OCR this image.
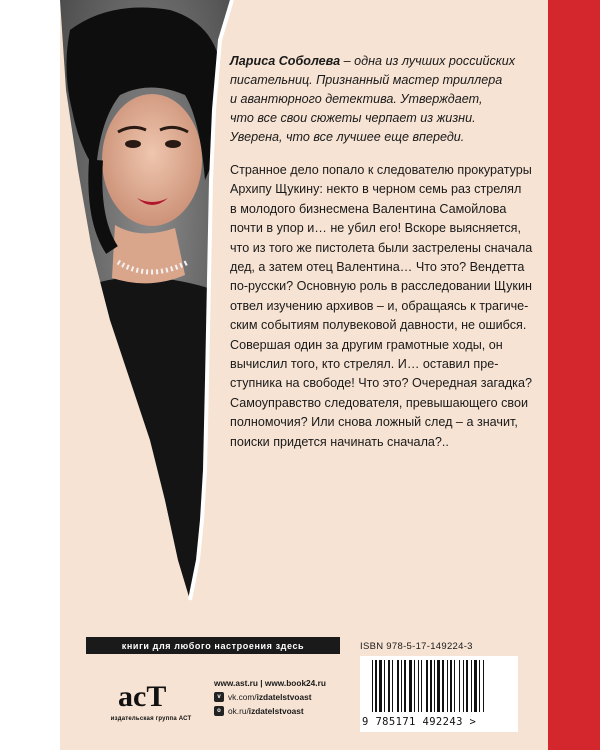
Лариса Соболева – одна из лучших российских
писательниц. Признанный мастер триллера
и авантюрного детектива. Утверждает,
что все свои сюжеты черпает из жизни.
Уверена, что все лучшее еще впереди.

Странное дело попало к следователю прокуратуры
Архипу Щукину: некто в черном семь раз стрелял
в молодого бизнесмена Валентина Самойлова
почти в упор и… не убил его! Вскоре выясняется,
что из того же пистолета были застрелены сначала
дед, а затем отец Валентина… Что это? Вендетта
по-русски? Основную роль в расследовании Щукин
отвел изучению архивов – и, обращаясь к трагиче-
ским событиям полувековой давности, не ошибся.
Совершая один за другим грамотные ходы, он
вычислил того, кто стрелял. И… оставил пре-
ступника на свободе! Что это? Очередная загадка?
Самоуправство следователя, превышающего свои
полномочия? Или снова ложный след – а значит,
поиски придется начинать сначала?..

книги для любого настроения здесь
acT
издательская группа АСТ
www.ast.ru | www.book24.ru
v vk.com/ izdatelstvoast
o ok.ru/ izdatelstvoast
ISBN 978-5-17-149224-3
9 785171 492243 >
